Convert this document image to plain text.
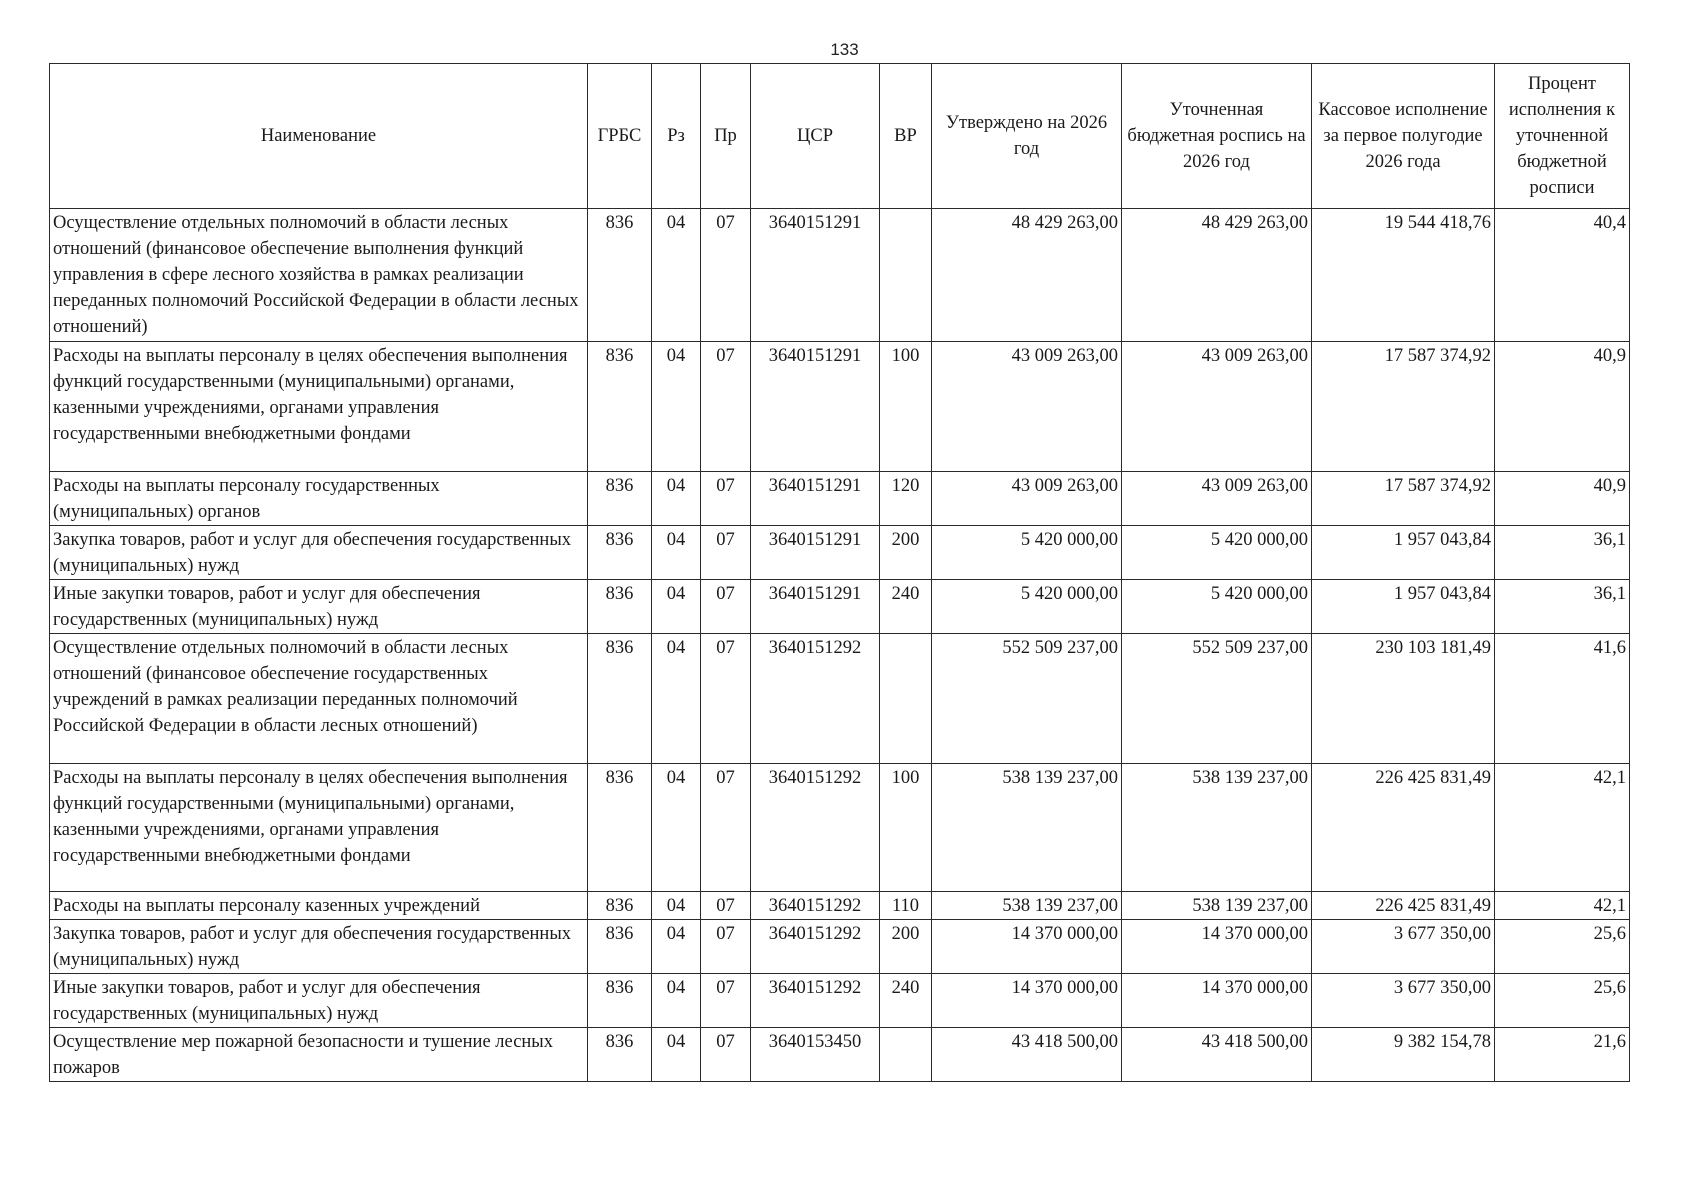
133
Наименование	ГРБС	Рз	Пр	ЦСР	ВР	Утверждено на 2026 год	Уточненная бюджетная роспись на 2026 год	Кассовое исполнение за первое полугодие 2026 года	Процент исполнения к уточненной бюджетной росписи
Осуществление отдельных полномочий в области лесных отношений (финансовое обеспечение выполнения функций управления в сфере лесного хозяйства в рамках реализации переданных полномочий Российской Федерации в области лесных отношений)	836	04	07	3640151291		48 429 263,00	48 429 263,00	19 544 418,76	40,4
Расходы на выплаты персоналу в целях обеспечения выполнения функций государственными (муниципальными) органами, казенными учреждениями, органами управления государственными внебюджетными фондами	836	04	07	3640151291	100	43 009 263,00	43 009 263,00	17 587 374,92	40,9
Расходы на выплаты персоналу государственных (муниципальных) органов	836	04	07	3640151291	120	43 009 263,00	43 009 263,00	17 587 374,92	40,9
Закупка товаров, работ и услуг для обеспечения государственных (муниципальных) нужд	836	04	07	3640151291	200	5 420 000,00	5 420 000,00	1 957 043,84	36,1
Иные закупки товаров, работ и услуг для обеспечения государственных (муниципальных) нужд	836	04	07	3640151291	240	5 420 000,00	5 420 000,00	1 957 043,84	36,1
Осуществление отдельных полномочий в области лесных отношений (финансовое обеспечение государственных учреждений в рамках реализации переданных полномочий Российской Федерации в области лесных отношений)	836	04	07	3640151292		552 509 237,00	552 509 237,00	230 103 181,49	41,6
Расходы на выплаты персоналу в целях обеспечения выполнения функций государственными (муниципальными) органами, казенными учреждениями, органами управления государственными внебюджетными фондами	836	04	07	3640151292	100	538 139 237,00	538 139 237,00	226 425 831,49	42,1
Расходы на выплаты персоналу казенных учреждений	836	04	07	3640151292	110	538 139 237,00	538 139 237,00	226 425 831,49	42,1
Закупка товаров, работ и услуг для обеспечения государственных (муниципальных) нужд	836	04	07	3640151292	200	14 370 000,00	14 370 000,00	3 677 350,00	25,6
Иные закупки товаров, работ и услуг для обеспечения государственных (муниципальных) нужд	836	04	07	3640151292	240	14 370 000,00	14 370 000,00	3 677 350,00	25,6
Осуществление мер пожарной безопасности и тушение лесных пожаров	836	04	07	3640153450		43 418 500,00	43 418 500,00	9 382 154,78	21,6
